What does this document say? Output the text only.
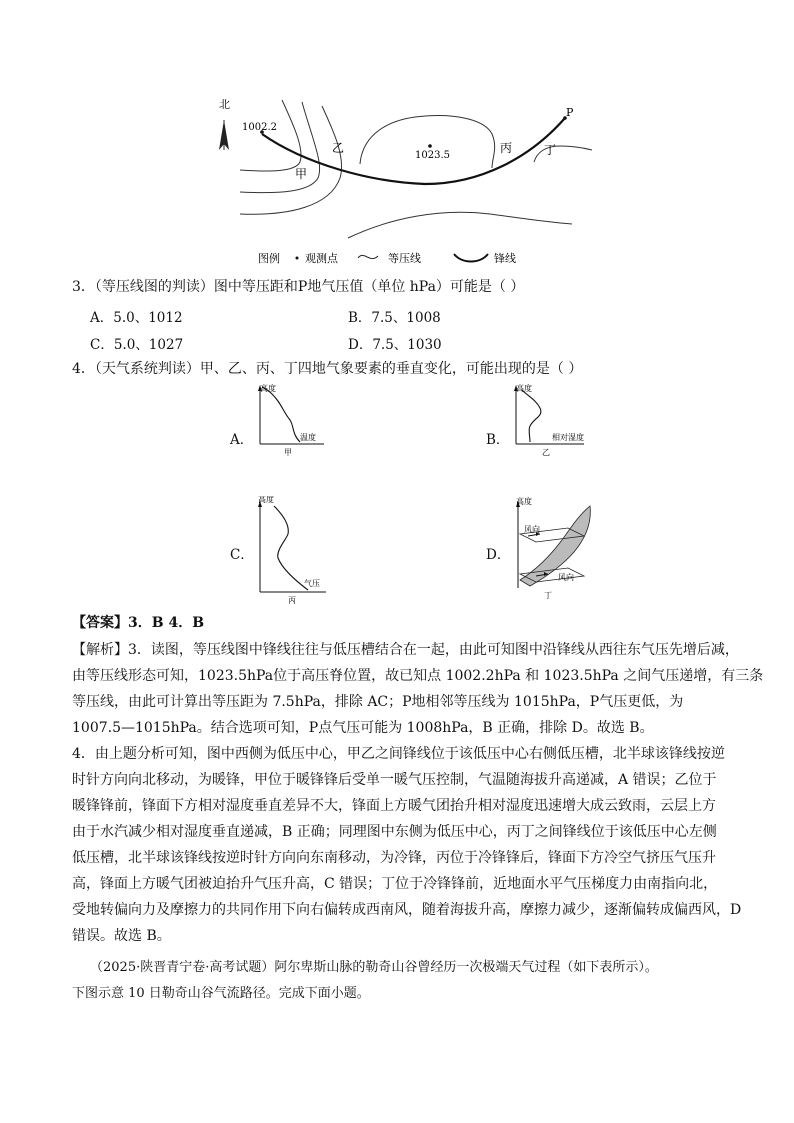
北
1002.2
1023.5
P
甲
乙	丙	丁
图例 观测点	等压线	锋线
3．（等压线图的判读）图中等压距和P地气压值（单位 hPa）可能是（ ）
A．5.0、1012	B．7.5、1008
C．5.0、1027	D．7.5、1030
4．（天气系统判读）甲、乙、丙、丁四地气象要素的垂直变化，可能出现的是（ ）
A．	B．
C．	D．
高度
温度
甲
高度
相对湿度
乙
高度
气压
丙
高度
风向
风向
丁
【答案】3．B 4．B
【解析】3．读图，等压线图中锋线往往与低压槽结合在一起，由此可知图中沿锋线从西往东气压先增后减，
由等压线形态可知，1023.5hPa位于高压脊位置，故已知点 1002.2hPa 和 1023.5hPa 之间气压递增，有三条
等压线，由此可计算出等压距为 7.5hPa，排除 AC；P地相邻等压线为 1015hPa，P气压更低，为
1007.5—1015hPa。结合选项可知，P点气压可能为 1008hPa，B 正确，排除 D。故选 B。
4．由上题分析可知，图中西侧为低压中心，甲乙之间锋线位于该低压中心右侧低压槽，北半球该锋线按逆
时针方向向北移动，为暖锋，甲位于暖锋锋后受单一暖气压控制，气温随海拔升高递减，A 错误；乙位于
暖锋锋前，锋面下方相对湿度垂直差异不大，锋面上方暖气团抬升相对湿度迅速增大成云致雨，云层上方
由于水汽减少相对湿度垂直递减，B 正确；同理图中东侧为低压中心，丙丁之间锋线位于该低压中心左侧
低压槽，北半球该锋线按逆时针方向向东南移动，为冷锋，丙位于冷锋锋后，锋面下方冷空气挤压气压升
高，锋面上方暖气团被迫抬升气压升高，C 错误；丁位于冷锋锋前，近地面水平气压梯度力由南指向北，
受地转偏向力及摩擦力的共同作用下向右偏转成西南风，随着海拔升高，摩擦力减少，逐渐偏转成偏西风，D
错误。故选 B。
（2025·陕晋青宁卷·高考试题）阿尔卑斯山脉的勒奇山谷曾经历一次极端天气过程（如下表所示）。
下图示意 10 日勒奇山谷气流路径。完成下面小题。
